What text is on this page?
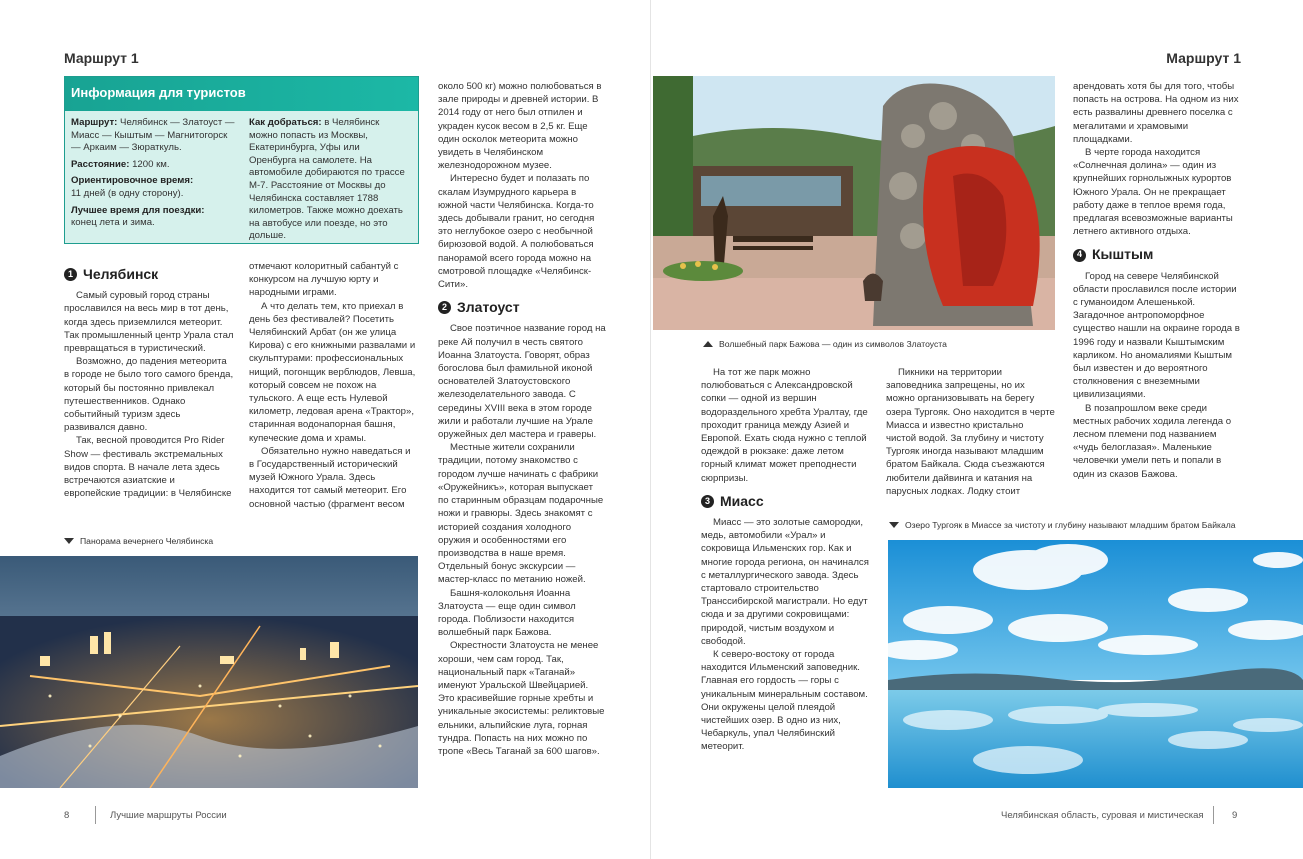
Маршрут 1
Информация для туристов

Маршрут: Челябинск — Златоуст — Миасс — Кыштым — Магнитогорск — Аркаим — Зюраткуль.

Расстояние: 1200 км.

Ориентировочное время:
11 дней (в одну сторону).

Лучшее время для поездки:
конец лета и зима.

Как добраться: в Челябинск можно попасть из Москвы, Екатеринбурга, Уфы или Оренбурга на самолете. На автомобиле добираются по трассе М-7. Расстояние от Москвы до Челябинска составляет 1788 километров. Также можно доехать на автобусе или поезде, но это дольше.

1 Челябинск

Самый суровый город страны прославился на весь мир в тот день, когда здесь приземлился метеорит. Так промышленный центр Урала стал превращаться в туристический.

Возможно, до падения метеорита в городе не было того самого бренда, который бы постоянно привлекал путешественников. Однако событийный туризм здесь развивался давно.

Так, весной проводится Pro Rider Show — фестиваль экстремальных видов спорта. В начале лета здесь встречаются азиатские и европейские традиции: в Челябинске

отмечают колоритный сабантуй с конкурсом на лучшую юрту и народными играми.

А что делать тем, кто приехал в день без фестивалей? Посетить Челябинский Арбат (он же улица Кирова) с его книжными развалами и скульптурами: профессиональных нищий, погонщик верблюдов, Левша, который совсем не похож на тульского. А еще есть Нулевой километр, ледовая арена «Трактор», старинная водонапорная башня, купеческие дома и храмы.

Обязательно нужно наведаться и в Государственный исторический музей Южного Урала. Здесь находится тот самый метеорит. Его основной частью (фрагмент весом

около 500 кг) можно полюбоваться в зале природы и древней истории. В 2014 году от него был отпилен и украден кусок весом в 2,5 кг. Еще один осколок метеорита можно увидеть в Челябинском железнодорожном музее.

Интересно будет и полазать по скалам Изумрудного карьера в южной части Челябинска. Когда-то здесь добывали гранит, но сегодня это неглубокое озеро с необычной бирюзовой водой. А полюбоваться панорамой всего города можно на смотровой площадке «Челябинск-Сити».

2 Златоуст

Свое поэтичное название город на реке Ай получил в честь святого Иоанна Златоуста. Говорят, образ богослова был фамильной иконой основателей Златоустовского железоделательного завода. С середины XVIII века в этом городе жили и работали лучшие на Урале оружейных дел мастера и граверы.

Местные жители сохранили традиции, потому знакомство с городом лучше начинать с фабрики «Оружейникъ», которая выпускает по старинным образцам подарочные ножи и гравюры. Здесь знакомят с историей создания холодного оружия и особенностями его производства в наше время. Отдельный бонус экскурсии — мастер-класс по метанию ножей.

Башня-колокольня Иоанна Златоуста — еще один символ города. Поблизости находится волшебный парк Бажова.

Окрестности Златоуста не менее хороши, чем сам город. Так, национальный парк «Таганай» именуют Уральской Швейцарией. Это красивейшие горные хребты и уникальные экосистемы: реликтовые ельники, альпийские луга, горная тундра. Попасть на них можно по тропе «Весь Таганай за 600 шагов».

Панорама вечернего Челябинска
8	Лучшие маршруты России
Маршрут 1
Волшебный парк Бажова — один из символов Златоуста

На тот же парк можно полюбоваться с Александровской сопки — одной из вершин водораздельного хребта Уралтау, где проходит граница между Азией и Европой. Ехать сюда нужно с теплой одеждой в рюкзаке: даже летом горный климат может преподнести сюрпризы.

3 Миасс

Миасс — это золотые самородки, медь, автомобили «Урал» и сокровища Ильменских гор. Как и многие города региона, он начинался с металлургического завода. Здесь стартовало строительство Транссибирской магистрали. Но едут сюда и за другими сокровищами: природой, чистым воздухом и свободой.

К северо-востоку от города находится Ильменский заповедник. Главная его гордость — горы с уникальным минеральным составом. Они окружены целой плеядой чистейших озер. В одно из них, Чебаркуль, упал Челябинский метеорит.

Пикники на территории заповедника запрещены, но их можно организовывать на берегу озера Тургояк. Оно находится в черте Миасса и известно кристально чистой водой. За глубину и чистоту Тургояк иногда называют младшим братом Байкала. Сюда съезжаются любители дайвинга и катания на парусных лодках. Лодку стоит

арендовать хотя бы для того, чтобы попасть на острова. На одном из них есть развалины древнего поселка с мегалитами и храмовыми площадками.

В черте города находится «Солнечная долина» — один из крупнейших горнолыжных курортов Южного Урала. Он не прекращает работу даже в теплое время года, предлагая всевозможные варианты летнего активного отдыха.

4 Кыштым

Город на севере Челябинской области прославился после истории с гуманоидом Алешенькой. Загадочное антропоморфное существо нашли на окраине города в 1996 году и назвали Кыштымским карликом. Но аномалиями Кыштым был известен и до вероятного столкновения с внеземными цивилизациями.

В позапрошлом веке среди местных рабочих ходила легенда о лесном племени под названием «чудь белоглазая». Маленькие человечки умели петь и попали в один из сказов Бажова.

Озеро Тургояк в Миассе за чистоту и глубину называют младшим братом Байкала
Челябинская область, суровая и мистическая	9
